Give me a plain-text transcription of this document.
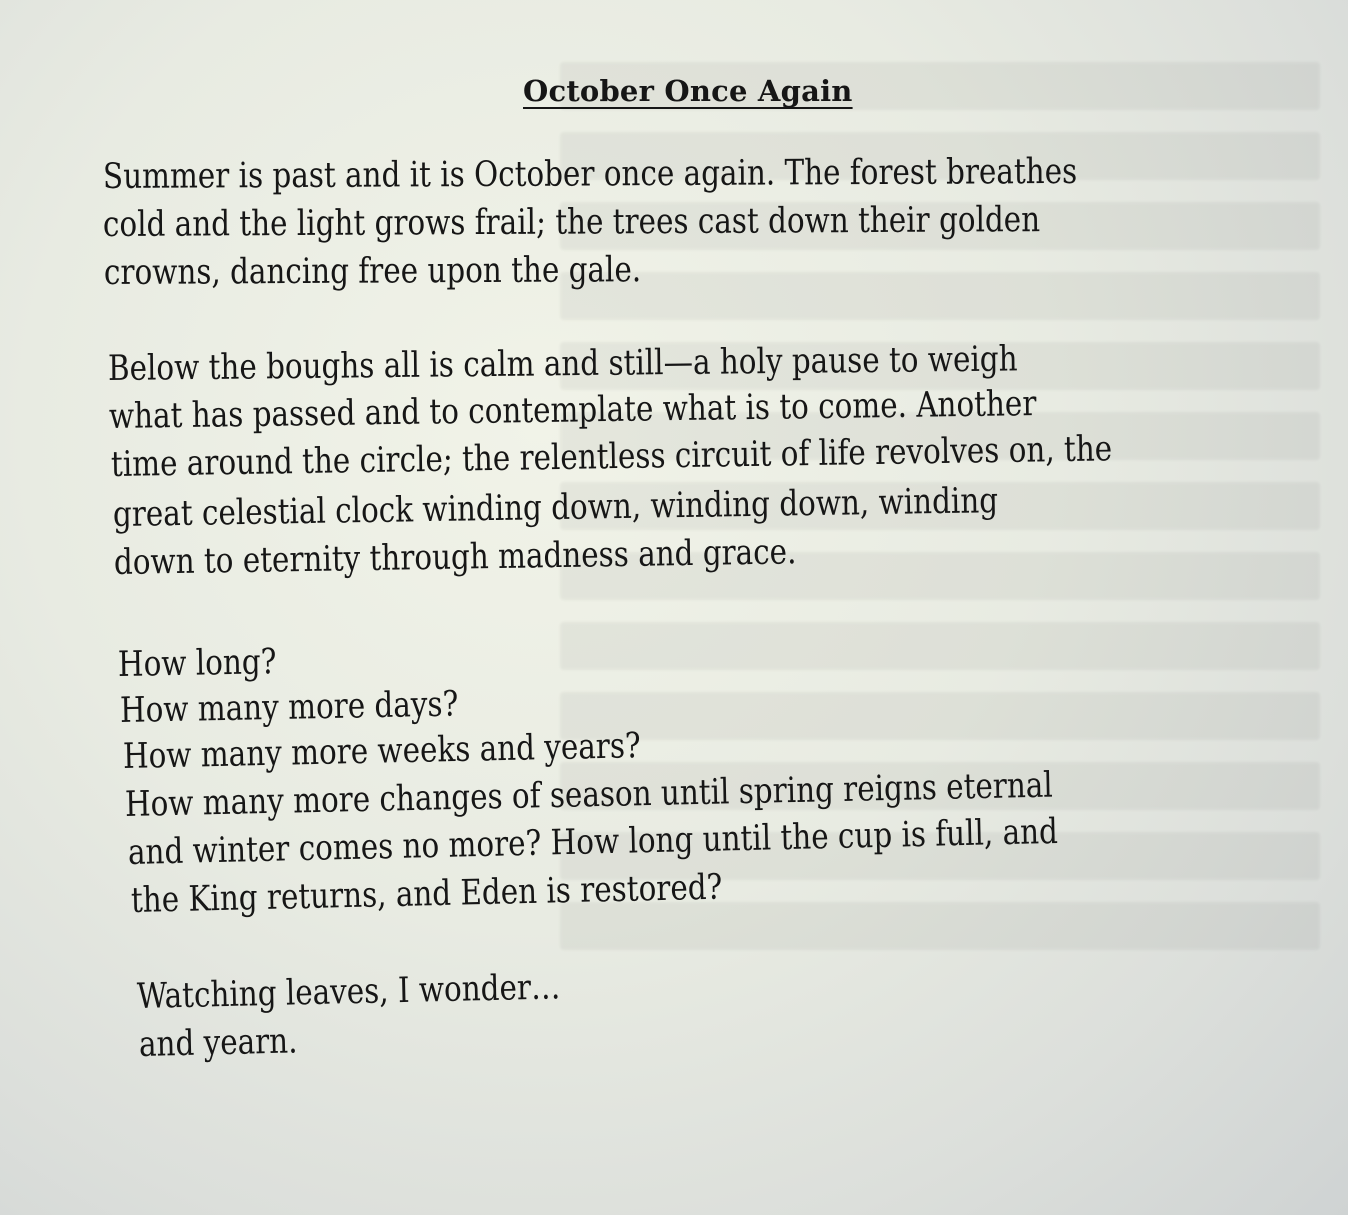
October Once Again
Summer is past and it is October once again. The forest breathes
cold and the light grows frail; the trees cast down their golden
crowns, dancing free upon the gale.
Below the boughs all is calm and still—a holy pause to weigh
what has passed and to contemplate what is to come. Another
time around the circle; the relentless circuit of life revolves on, the
great celestial clock winding down, winding down, winding
down to eternity through madness and grace.
How long?
How many more days?
How many more weeks and years?
How many more changes of season until spring reigns eternal
and winter comes no more? How long until the cup is full, and
the King returns, and Eden is restored?
Watching leaves, I wonder…
and yearn.
